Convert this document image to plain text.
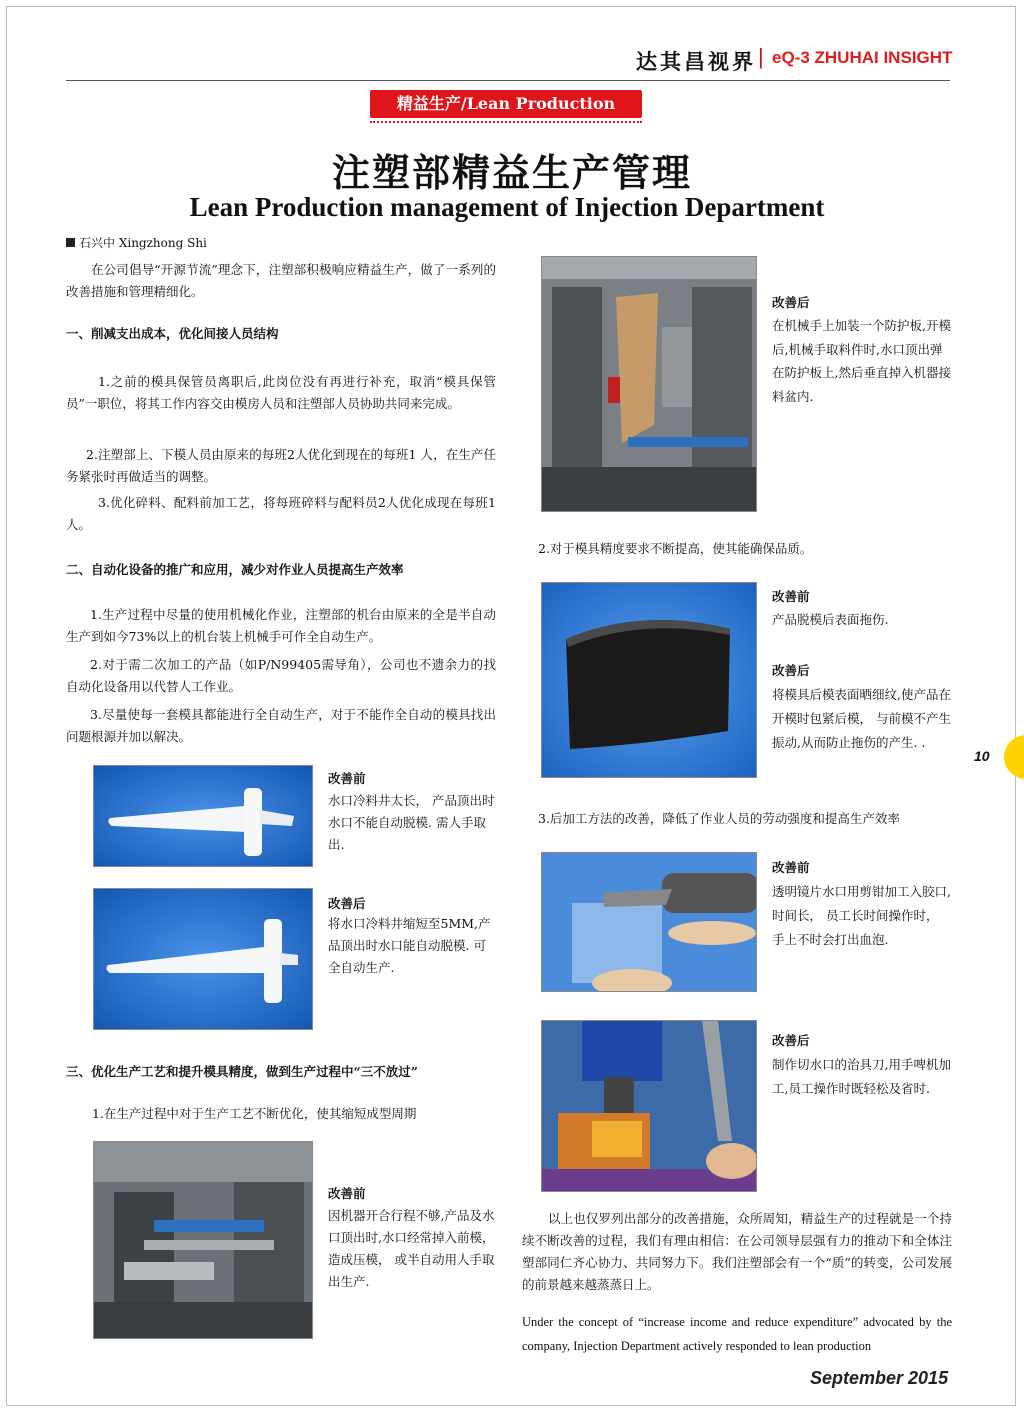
达其昌视界 | eQ-3 ZHUHAI INSIGHT
精益生产/Lean Production
注塑部精益生产管理
Lean Production management of Injection Department
石兴中 Xingzhong Shi
在公司倡导“开源节流”理念下，注塑部积极响应精益生产，做了一系列的改善措施和管理精细化。
一、削减支出成本，优化间接人员结构
1.之前的模具保管员离职后,此岗位没有再进行补充，取消“模具保管员”一职位，将其工作内容交由模房人员和注塑部人员协助共同来完成。
2.注塑部上、下模人员由原来的每班2人优化到现在的每班1 人，在生产任务紧张时再做适当的调整。
3.优化碎料、配料前加工艺，将每班碎料与配料员2人优化成现在每班1人。
二、自动化设备的推广和应用，减少对作业人员提高生产效率
1.生产过程中尽量的使用机械化作业，注塑部的机台由原来的全是半自动生产到如今73%以上的机台装上机械手可作全自动生产。
2.对于需二次加工的产品（如P/N99405需导角），公司也不遗余力的找自动化设备用以代替人工作业。
3.尽量使每一套模具都能进行全自动生产，对于不能作全自动的模具找出问题根源并加以解决。
改善前
水口冷料井太长， 产品顶出时水口不能自动脱模. 需人手取出.
改善后
将水口冷料井缩短至5MM,产品顶出时水口能自动脱模. 可全自动生产.
三、优化生产工艺和提升模具精度，做到生产过程中“三不放过”
1.在生产过程中对于生产工艺不断优化，使其缩短成型周期
改善前
因机器开合行程不够,产品及水口顶出时,水口经常掉入前模， 造成压模， 或半自动用人手取出生产.
改善后
在机械手上加装一个防护板,开模后,机械手取料件时,水口顶出弹在防护板上,然后垂直掉入机器接料盆内.
2.对于模具精度要求不断提高，使其能确保品质。
改善前
产品脱模后表面拖伤.
改善后
将模具后模表面晒细纹,使产品在开模时包紧后模， 与前模不产生振动,从而防止拖伤的产生. .
3.后加工方法的改善，降低了作业人员的劳动强度和提高生产效率
改善前
透明镜片水口用剪钳加工入胶口,时间长， 员工长时间操作时， 手上不时会打出血泡.
改善后
制作切水口的治具刀,用手啤机加工,员工操作时既轻松及省时.
以上也仅罗列出部分的改善措施，众所周知，精益生产的过程就是一个持续不断改善的过程，我们有理由相信：在公司领导层强有力的推动下和全体注塑部同仁齐心协力、共同努力下。我们注塑部会有一个“质”的转变，公司发展的前景越来越蒸蒸日上。
Under the concept of “increase income and reduce expenditure” advocated by the company, Injection Department actively responded to lean production
10
September 2015
